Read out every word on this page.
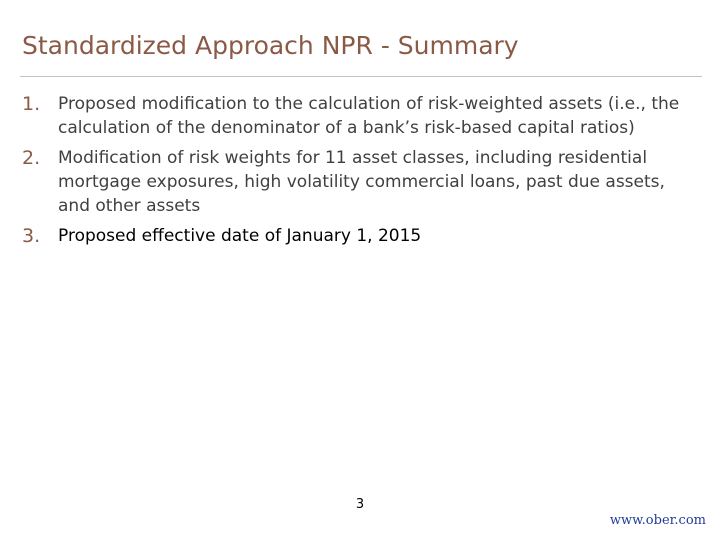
Standardized Approach NPR - Summary
1. Proposed modification to the calculation of risk-weighted assets (i.e., the calculation of the denominator of a bank’s risk-based capital ratios)
2. Modification of risk weights for 11 asset classes, including residential mortgage exposures, high volatility commercial loans, past due assets, and other assets
3. Proposed effective date of January 1, 2015
3
www.ober.com
